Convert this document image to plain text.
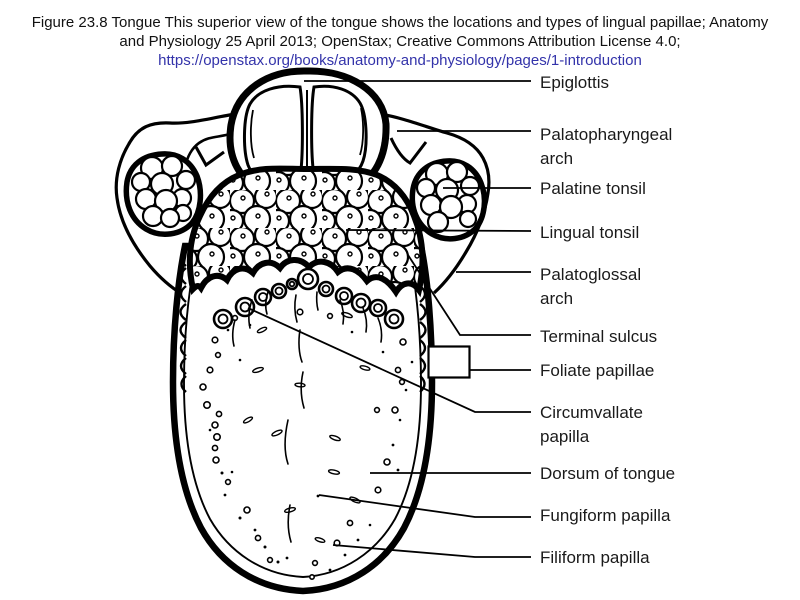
Figure 23.8 Tongue This superior view of the tongue shows the locations and types of lingual papillae; Anatomy
and Physiology 25 April 2013; OpenStax; Creative Commons Attribution License 4.0;
https://openstax.org/books/anatomy-and-physiology/pages/1-introduction
Epiglottis
Palatopharyngeal arch
Palatine tonsil
Lingual tonsil
Palatoglossal arch
Terminal sulcus
Foliate papillae
Circumvallate papilla
Dorsum of tongue
Fungiform papilla
Filiform papilla
